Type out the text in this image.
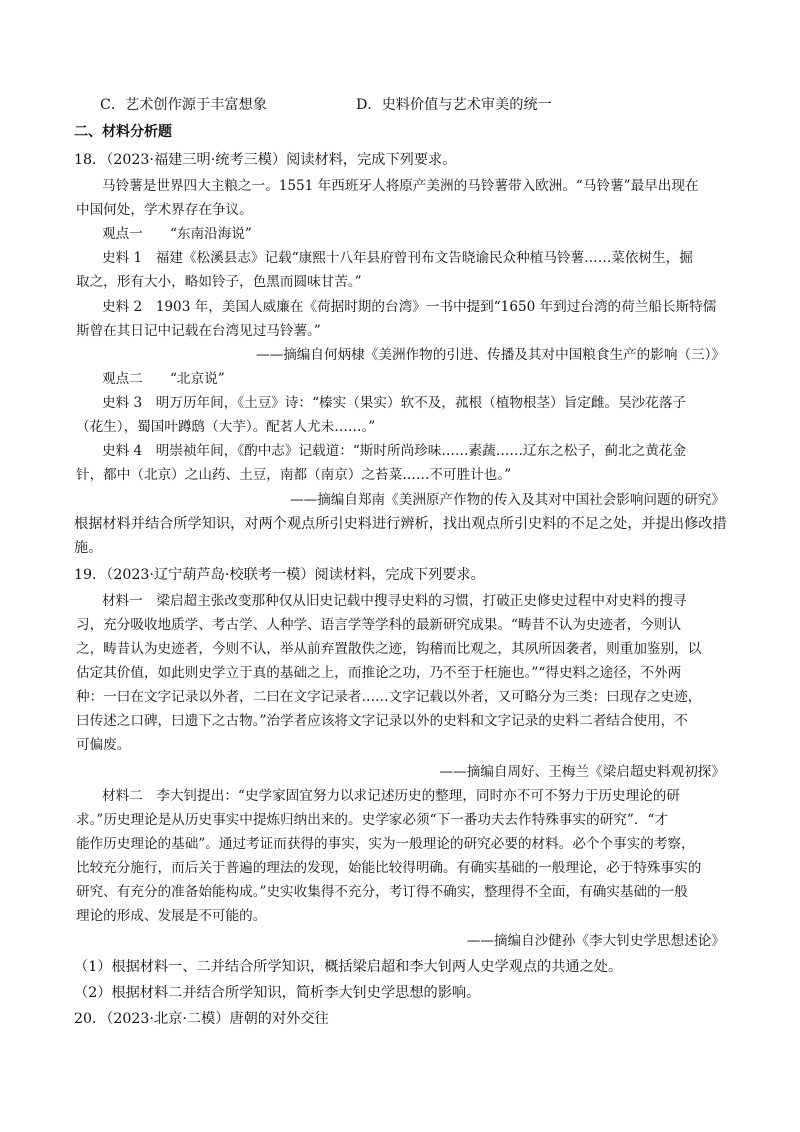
C．艺术创作源于丰富想象	D．史料价值与艺术审美的统一
二、材料分析题
18．（2023·福建三明·统考三模）阅读材料，完成下列要求。
马铃薯是世界四大主粮之一。1551 年西班牙人将原产美洲的马铃薯带入欧洲。“马铃薯”最早出现在
中国何处，学术界存在争议。
观点一　　“东南沿海说”
史料 1　福建《松溪县志》记载“康熙十八年县府曾刊布文告晓谕民众种植马铃薯……菜依树生，掘
取之，形有大小，略如铃子，色黑而圆味甘苦。”
史料 2　1903 年，美国人威廉在《荷据时期的台湾》一书中提到“1650 年到过台湾的荷兰船长斯特儒
斯曾在其日记中记载在台湾见过马铃薯。”
——摘编自何炳棣《美洲作物的引进、传播及其对中国粮食生产的影响（三）》
观点二　　“北京说”
史料 3　明万历年间，《土豆》诗：“榛实（果实）软不及，菰根（植物根茎）旨定雌。吴沙花落子
（花生），蜀国叶蹲鸱（大芋）。配茗人尤未……。”
史料 4　明崇祯年间，《酌中志》记载道：“斯时所尚珍味……素蔬……辽东之松子，蓟北之黄花金
针，都中（北京）之山药、土豆，南都（南京）之苔菜……不可胜计也。”
——摘编自郑南《美洲原产作物的传入及其对中国社会影响问题的研究》
根据材料并结合所学知识，对两个观点所引史料进行辨析，找出观点所引史料的不足之处，并提出修改措
施。
19．（2023·辽宁葫芦岛·校联考一模）阅读材料，完成下列要求。
材料一　梁启超主张改变那种仅从旧史记载中搜寻史料的习惯，打破正史修史过程中对史料的搜寻
习，充分吸收地质学、考古学、人种学、语言学等学科的最新研究成果。“畴昔不认为史迹者，今则认
之，畴昔认为史迹者，今则不认，举从前弃置散佚之迹，钩稽而比观之，其夙所因袭者，则重加鉴别，以
估定其价值，如此则史学立于真的基础之上，而推论之功，乃不至于枉施也。”“得史料之途径，不外两
种：一曰在文字记录以外者，二曰在文字记录者……文字记载以外者，又可略分为三类：曰现存之史迹，
曰传述之口碑，曰遗下之古物。”治学者应该将文字记录以外的史料和文字记录的史料二者结合使用，不
可偏废。
——摘编自周好、王梅兰《梁启超史料观初探》
材料二　李大钊提出：“史学家固宜努力以求记述历史的整理，同时亦不可不努力于历史理论的研
求。”历史理论是从历史事实中提炼归纳出来的。史学家必须“下一番功夫去作特殊事实的研究”．“才
能作历史理论的基础”。通过考证而获得的事实，实为一般理论的研究必要的材料。必个个事实的考察，
比较充分施行，而后关于普遍的理法的发现，始能比较得明确。有确实基础的一般理论，必于特殊事实的
研究、有充分的准备始能构成。”史实收集得不充分，考订得不确实，整理得不全面，有确实基础的一般
理论的形成、发展是不可能的。
——摘编自沙健孙《李大钊史学思想述论》
（1）根据材料一、二并结合所学知识，概括梁启超和李大钊两人史学观点的共通之处。
（2）根据材料二并结合所学知识，简析李大钊史学思想的影响。
20．（2023·北京·二模）唐朝的对外交往
